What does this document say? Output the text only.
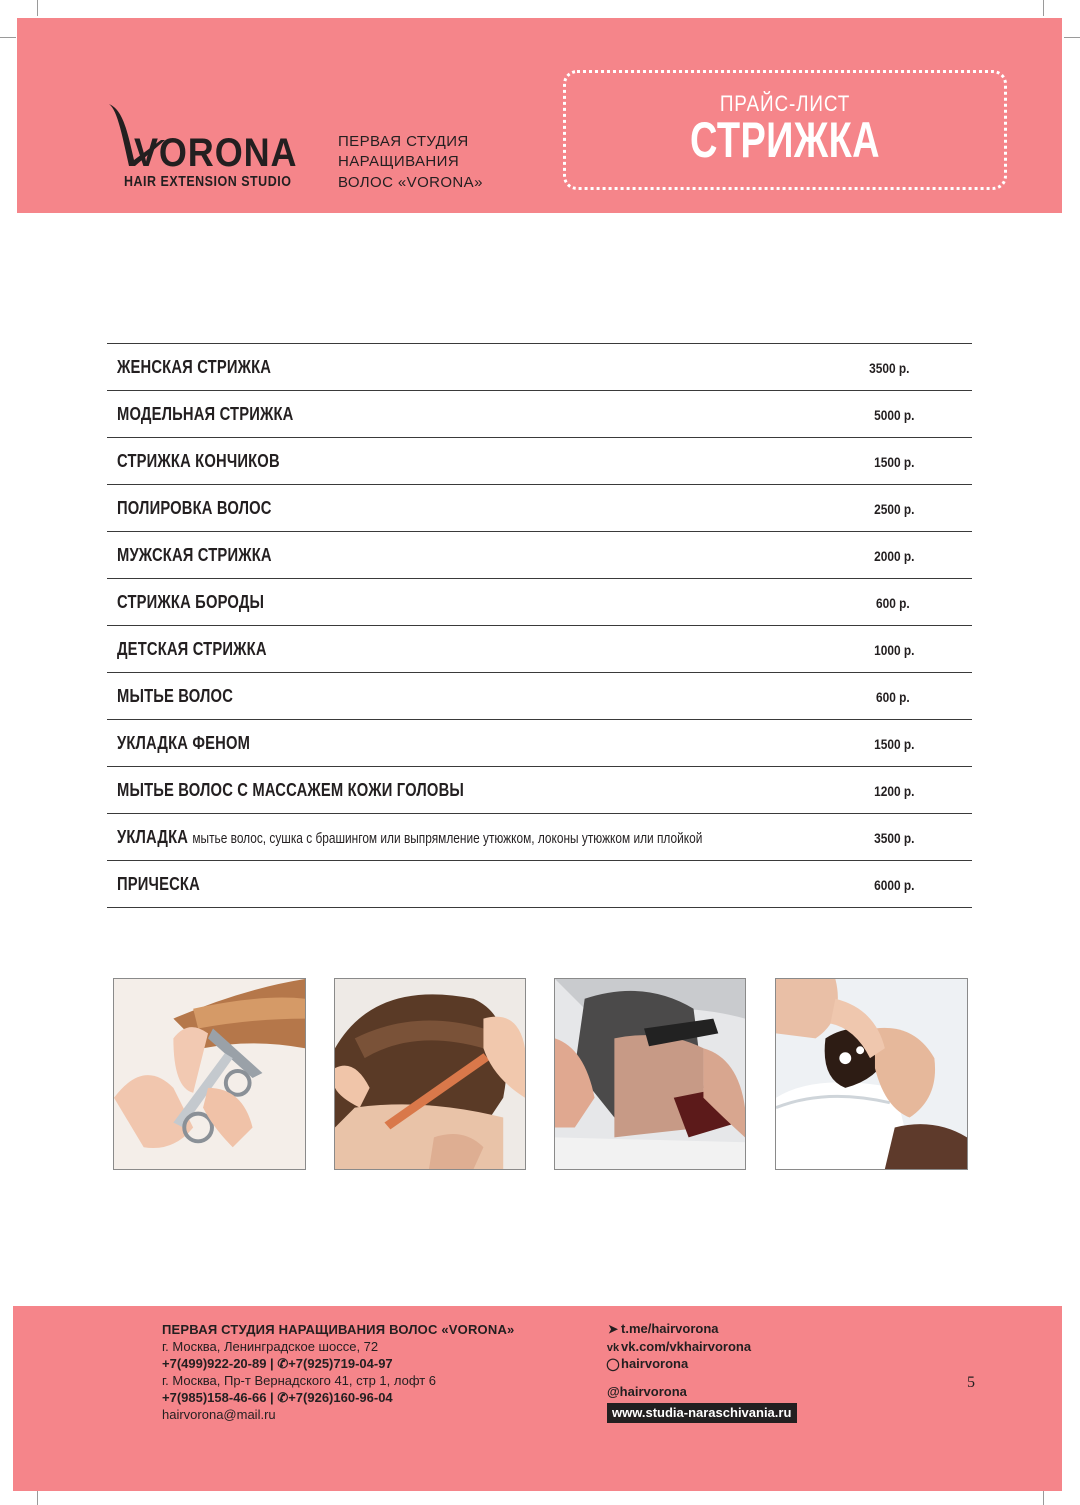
VORONA
HAIR EXTENSION STUDIO
ПЕРВАЯ СТУДИЯ
НАРАЩИВАНИЯ
ВОЛОС «VORONA»
ПРАЙС-ЛИСТ
СТРИЖКА
ЖЕНСКАЯ СТРИЖКА	3500 р.
МОДЕЛЬНАЯ СТРИЖКА	5000 р.
СТРИЖКА КОНЧИКОВ	1500 р.
ПОЛИРОВКА ВОЛОС	2500 р.
МУЖСКАЯ СТРИЖКА	2000 р.
СТРИЖКА БОРОДЫ	600 р.
ДЕТСКАЯ СТРИЖКА	1000 р.
МЫТЬЕ ВОЛОС	600 р.
УКЛАДКА ФЕНОМ	1500 р.
МЫТЬЕ ВОЛОС С МАССАЖЕМ КОЖИ ГОЛОВЫ	1200 р.
УКЛАДКА мытье волос, сушка с брашингом или выпрямление утюжком, локоны утюжком или плойкой	3500 р.
ПРИЧЕСКА	6000 р.
ПЕРВАЯ СТУДИЯ НАРАЩИВАНИЯ ВОЛОС «VORONA»
г. Москва, Ленинградское шоссе, 72
+7(499)922-20-89 | ✆+7(925)719-04-97
г. Москва, Пр-т Вернадского 41, стр 1, лофт 6
+7(985)158-46-66 | ✆+7(926)160-96-04
hairvorona@mail.ru
➤ t.me/hairvorona
vk vk.com/vkhairvorona
◯hairvorona
@hairvorona
www.studia-naraschivania.ru
5
